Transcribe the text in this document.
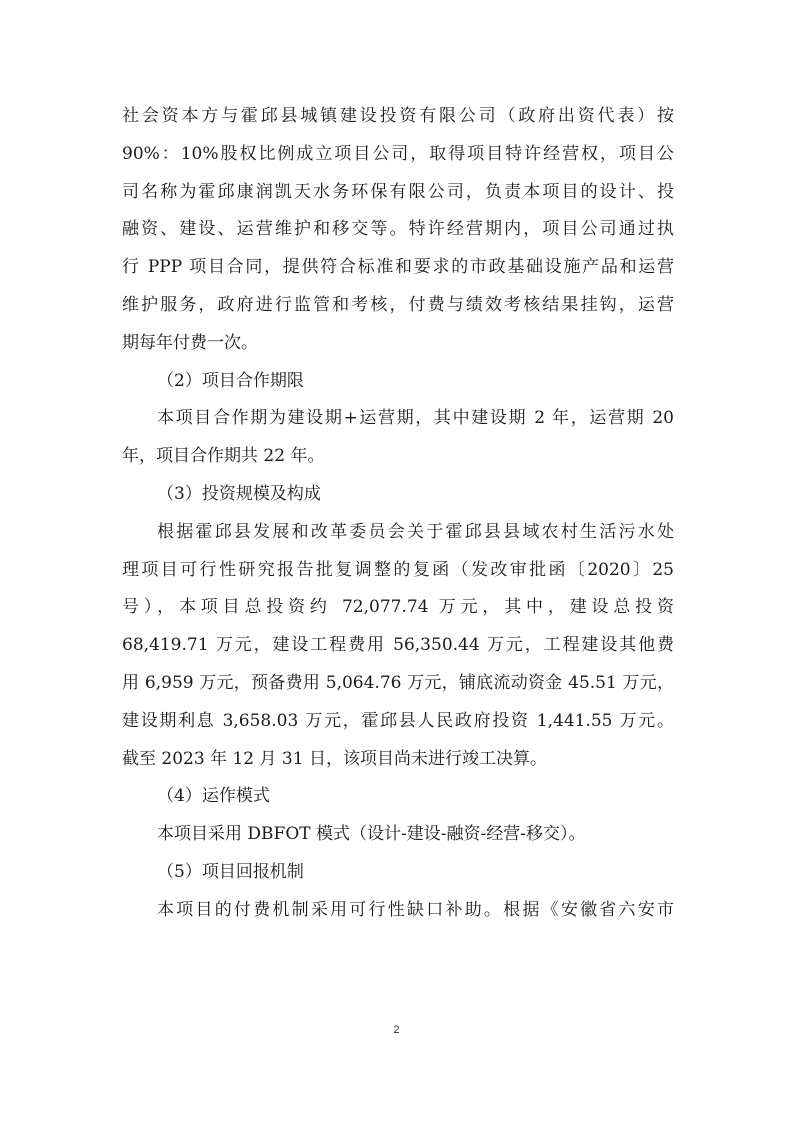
社会资本方与霍邱县城镇建设投资有限公司（政府出资代表）按
90%：10%股权比例成立项目公司，取得项目特许经营权，项目公
司名称为霍邱康润凯天水务环保有限公司，负责本项目的设计、投
融资、建设、运营维护和移交等。特许经营期内，项目公司通过执
行 PPP 项目合同，提供符合标准和要求的市政基础设施产品和运营
维护服务，政府进行监管和考核，付费与绩效考核结果挂钩，运营
期每年付费一次。
（2）项目合作期限
本项目合作期为建设期+运营期，其中建设期 2 年，运营期 20
年，项目合作期共 22 年。
（3）投资规模及构成
根据霍邱县发展和改革委员会关于霍邱县县域农村生活污水处
理项目可行性研究报告批复调整的复函（发改审批函〔2020〕25
号），本项目总投资约 72,077.74 万元，其中，建设总投资
68,419.71 万元，建设工程费用 56,350.44 万元，工程建设其他费
用 6,959 万元，预备费用 5,064.76 万元，铺底流动资金 45.51 万元，
建设期利息 3,658.03 万元，霍邱县人民政府投资 1,441.55 万元。
截至 2023 年 12 月 31 日，该项目尚未进行竣工决算。
（4）运作模式
本项目采用 DBFOT 模式（设计-建设-融资-经营-移交）。
（5）项目回报机制
本项目的付费机制采用可行性缺口补助。根据《安徽省六安市
2
